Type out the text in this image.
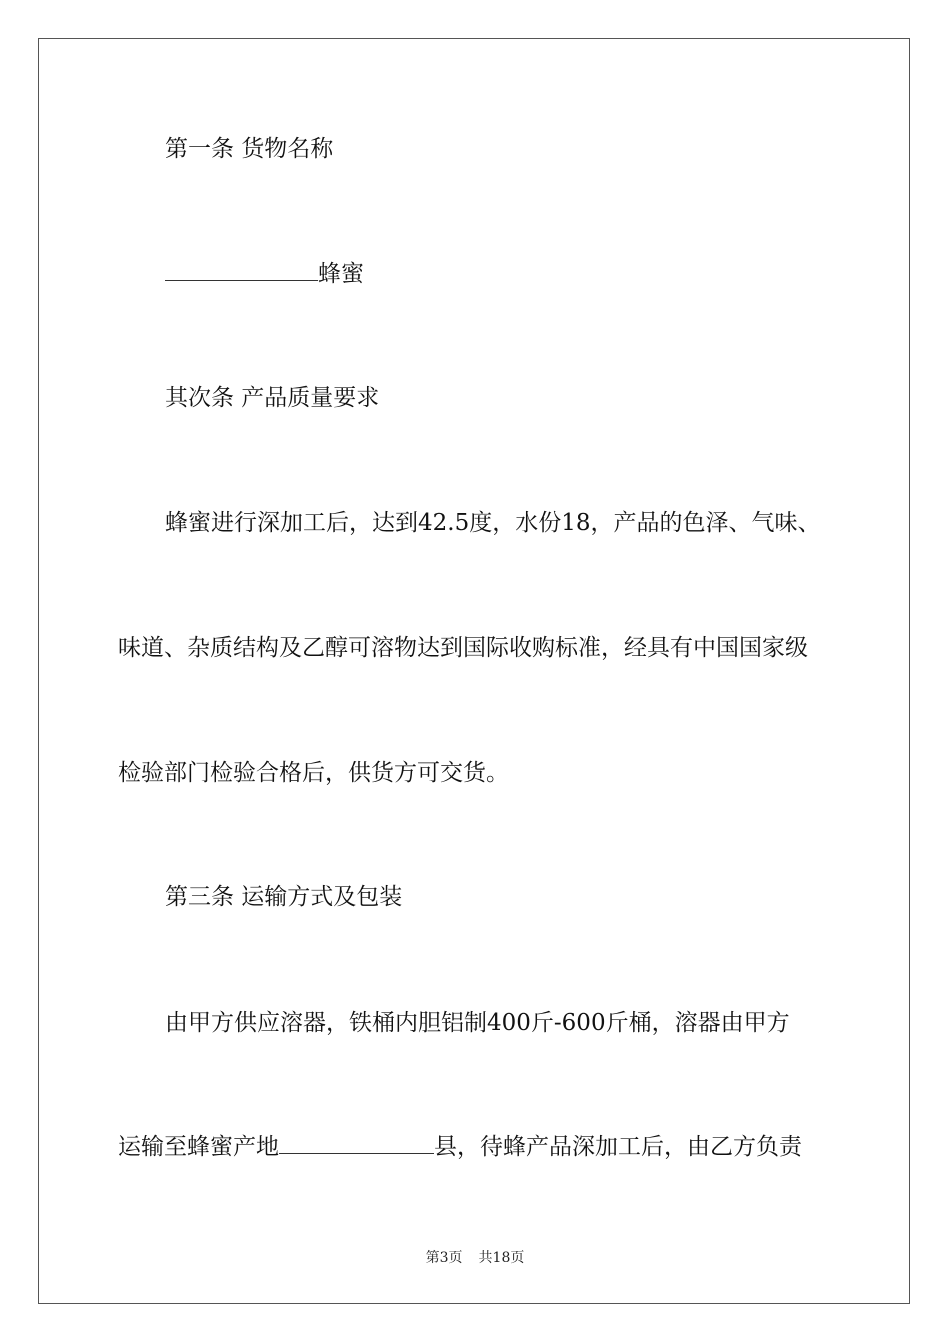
第一条 货物名称
蜂蜜
其次条 产品质量要求
蜂蜜进行深加工后，达到42.5度，水份18，产品的色泽、气味、
味道、杂质结构及乙醇可溶物达到国际收购标准，经具有中国国家级
检验部门检验合格后，供货方可交货。
第三条 运输方式及包装
由甲方供应溶器，铁桶内胆铝制400斤-600斤桶，溶器由甲方
运输至蜂蜜产地	县，待蜂产品深加工后，由乙方负责
第3页 共18页
